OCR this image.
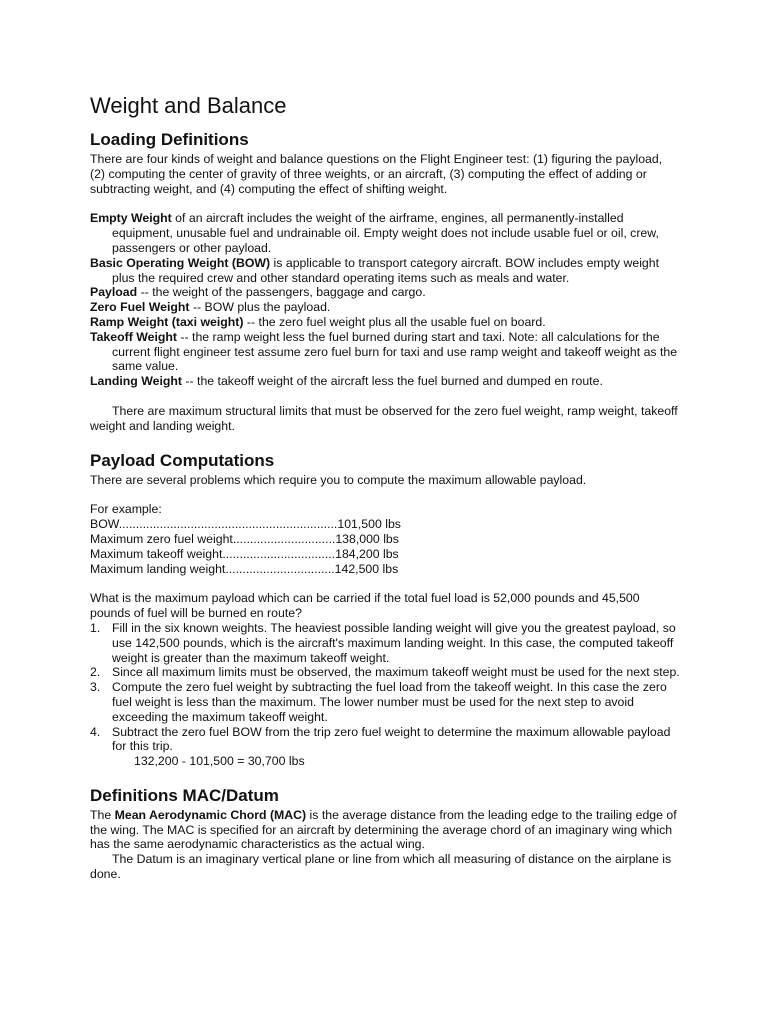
Weight and Balance
Loading Definitions

There are four kinds of weight and balance questions on the Flight Engineer test: (1) figuring the payload, (2) computing the center of gravity of three weights, or an aircraft, (3) computing the effect of adding or subtracting weight, and (4) computing the effect of shifting weight.

Empty Weight of an aircraft includes the weight of the airframe, engines, all permanently-installed equipment, unusable fuel and undrainable oil. Empty weight does not include usable fuel or oil, crew, passengers or other payload.

Basic Operating Weight (BOW) is applicable to transport category aircraft. BOW includes empty weight plus the required crew and other standard operating items such as meals and water.

Payload -- the weight of the passengers, baggage and cargo.

Zero Fuel Weight -- BOW plus the payload.

Ramp Weight (taxi weight) -- the zero fuel weight plus all the usable fuel on board.

Takeoff Weight -- the ramp weight less the fuel burned during start and taxi. Note: all calculations for the current flight engineer test assume zero fuel burn for taxi and use ramp weight and takeoff weight as the same value.

Landing Weight -- the takeoff weight of the aircraft less the fuel burned and dumped en route.

There are maximum structural limits that must be observed for the zero fuel weight, ramp weight, takeoff weight and landing weight.

Payload Computations

There are several problems which require you to compute the maximum allowable payload.

For example:

BOW................................................................101,500 lbs
Maximum zero fuel weight..............................138,000 lbs
Maximum takeoff weight.................................184,200 lbs
Maximum landing weight................................142,500 lbs

What is the maximum payload which can be carried if the total fuel load is 52,000 pounds and 45,500 pounds of fuel will be burned en route?

1. Fill in the six known weights. The heaviest possible landing weight will give you the greatest payload, so use 142,500 pounds, which is the aircraft's maximum landing weight. In this case, the computed takeoff weight is greater than the maximum takeoff weight.
2. Since all maximum limits must be observed, the maximum takeoff weight must be used for the next step.
3. Compute the zero fuel weight by subtracting the fuel load from the takeoff weight. In this case the zero fuel weight is less than the maximum. The lower number must be used for the next step to avoid exceeding the maximum takeoff weight.
4. Subtract the zero fuel BOW from the trip zero fuel weight to determine the maximum allowable payload for this trip.

132,200 - 101,500 = 30,700 lbs

Definitions MAC/Datum

The Mean Aerodynamic Chord (MAC) is the average distance from the leading edge to the trailing edge of the wing. The MAC is specified for an aircraft by determining the average chord of an imaginary wing which has the same aerodynamic characteristics as the actual wing.

The Datum is an imaginary vertical plane or line from which all measuring of distance on the airplane is done.
